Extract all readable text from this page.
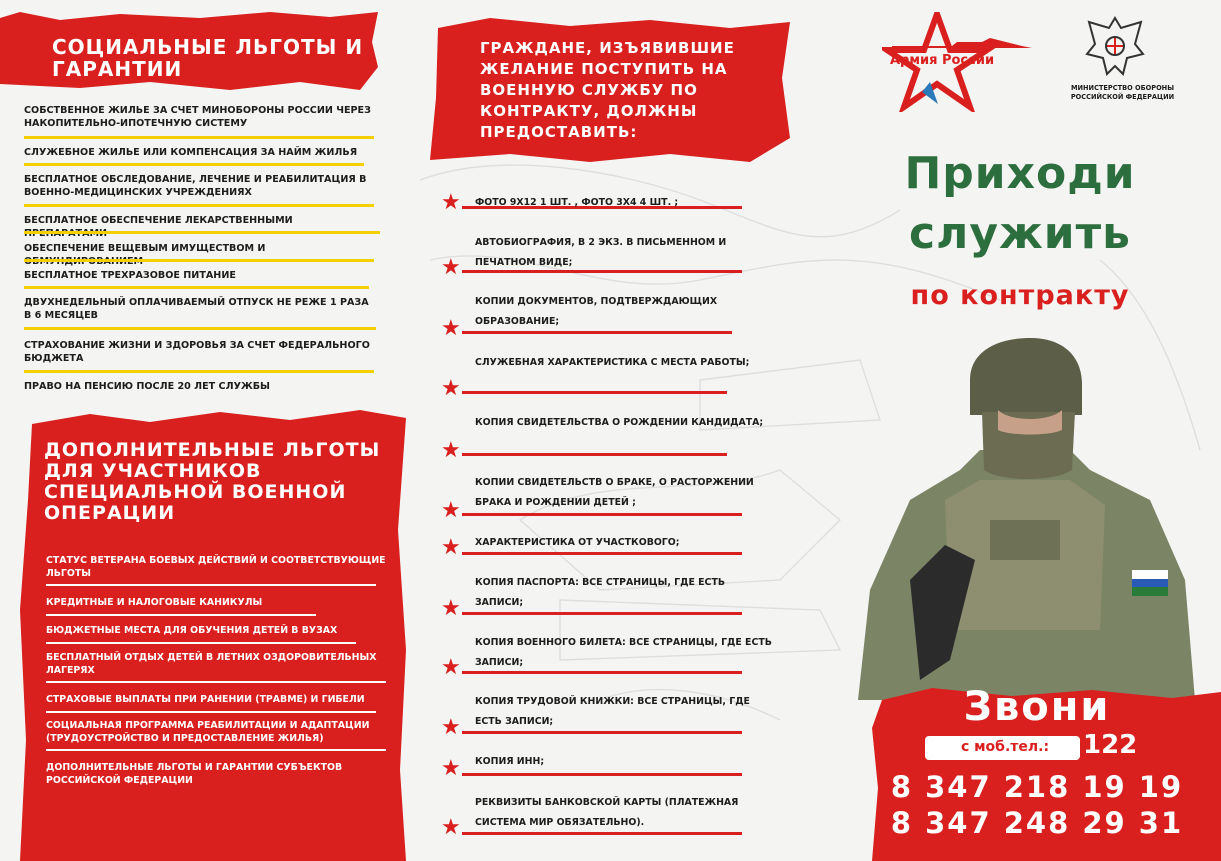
СОЦИАЛЬНЫЕ ЛЬГОТЫ И ГАРАНТИИ
СОБСТВЕННОЕ ЖИЛЬЕ ЗА СЧЕТ МИНОБОРОНЫ РОССИИ ЧЕРЕЗ НАКОПИТЕЛЬНО-ИПОТЕЧНУЮ СИСТЕМУ
СЛУЖЕБНОЕ ЖИЛЬЕ ИЛИ КОМПЕНСАЦИЯ ЗА НАЙМ ЖИЛЬЯ
БЕСПЛАТНОЕ ОБСЛЕДОВАНИЕ, ЛЕЧЕНИЕ И РЕАБИЛИТАЦИЯ В ВОЕННО-МЕДИЦИНСКИХ УЧРЕЖДЕНИЯХ
БЕСПЛАТНОЕ ОБЕСПЕЧЕНИЕ ЛЕКАРСТВЕННЫМИ
ОБЕСПЕЧЕНИЕ ВЕЩЕВЫМ ИМУЩЕСТВОМ И
БЕСПЛАТНОЕ ТРЕХРАЗОВОЕ ПИТАНИЕ
ДВУХНЕДЕЛЬНЫЙ ОПЛАЧИВАЕМЫЙ ОТПУСК НЕ РЕЖЕ 1 РАЗА В 6 МЕСЯЦЕВ
СТРАХОВАНИЕ ЖИЗНИ И ЗДОРОВЬЯ ЗА СЧЕТ ФЕДЕРАЛЬНОГО БЮДЖЕТА
ПРАВО НА ПЕНСИЮ ПОСЛЕ 20 ЛЕТ СЛУЖБЫ
ДОПОЛНИТЕЛЬНЫЕ ЛЬГОТЫ ДЛЯ УЧАСТНИКОВ СПЕЦИАЛЬНОЙ ВОЕННОЙ ОПЕРАЦИИ
СТАТУС ВЕТЕРАНА БОЕВЫХ ДЕЙСТВИЙ И СООТВЕТСТВУЮЩИЕ ЛЬГОТЫ
КРЕДИТНЫЕ И НАЛОГОВЫЕ КАНИКУЛЫ
БЮДЖЕТНЫЕ МЕСТА ДЛЯ ОБУЧЕНИЯ ДЕТЕЙ В ВУЗАХ
БЕСПЛАТНЫЙ ОТДЫХ ДЕТЕЙ В ЛЕТНИХ ОЗДОРОВИТЕЛЬНЫХ ЛАГЕРЯХ
СТРАХОВЫЕ ВЫПЛАТЫ ПРИ РАНЕНИИ (ТРАВМЕ) И ГИБЕЛИ
СОЦИАЛЬНАЯ ПРОГРАММА РЕАБИЛИТАЦИИ И АДАПТАЦИИ (ТРУДОУСТРОЙСТВО И ПРЕДОСТАВЛЕНИЕ ЖИЛЬЯ)
ДОПОЛНИТЕЛЬНЫЕ ЛЬГОТЫ И ГАРАНТИИ СУБЪЕКТОВ РОССИЙСКОЙ ФЕДЕРАЦИИ
ГРАЖДАНЕ, ИЗЪЯВИВШИЕ ЖЕЛАНИЕ ПОСТУПИТЬ НА ВОЕННУЮ СЛУЖБУ ПО КОНТРАКТУ, ДОЛЖНЫ ПРЕДОСТАВИТЬ:
★ ФОТО 9Х12 1 ШТ. , ФОТО 3Х4 4 ШТ. ;
★
АВТОБИОГРАФИЯ, В 2 ЭКЗ. В ПИСЬМЕННОМ И ПЕЧАТНОМ ВИДЕ;
★
КОПИИ ДОКУМЕНТОВ, ПОДТВЕРЖДАЮЩИХ ОБРАЗОВАНИЕ;
★
СЛУЖЕБНАЯ ХАРАКТЕРИСТИКА С МЕСТА РАБОТЫ;
★
КОПИЯ СВИДЕТЕЛЬСТВА О РОЖДЕНИИ КАНДИДАТА;
★
КОПИИ СВИДЕТЕЛЬСТВ О БРАКЕ, О РАСТОРЖЕНИИ БРАКА И РОЖДЕНИИ ДЕТЕЙ ;
★ ХАРАКТЕРИСТИКА ОТ УЧАСТКОВОГО;
★
КОПИЯ ПАСПОРТА: ВСЕ СТРАНИЦЫ, ГДЕ ЕСТЬ ЗАПИСИ;
★
КОПИЯ ВОЕННОГО БИЛЕТА: ВСЕ СТРАНИЦЫ, ГДЕ ЕСТЬ ЗАПИСИ;
★
КОПИЯ ТРУДОВОЙ КНИЖКИ: ВСЕ СТРАНИЦЫ, ГДЕ ЕСТЬ ЗАПИСИ;
★ КОПИЯ ИНН;
★
РЕКВИЗИТЫ БАНКОВСКОЙ КАРТЫ (ПЛАТЕЖНАЯ СИСТЕМА МИР ОБЯЗАТЕЛЬНО).
Армия России
МИНИСТЕРСТВО ОБОРОНЫ РОССИЙСКОЙ ФЕДЕРАЦИИ
Приходи
служить
по контракту
Звони
с моб.тел.:	122
8 347 218 19 19
8 347 248 29 31
